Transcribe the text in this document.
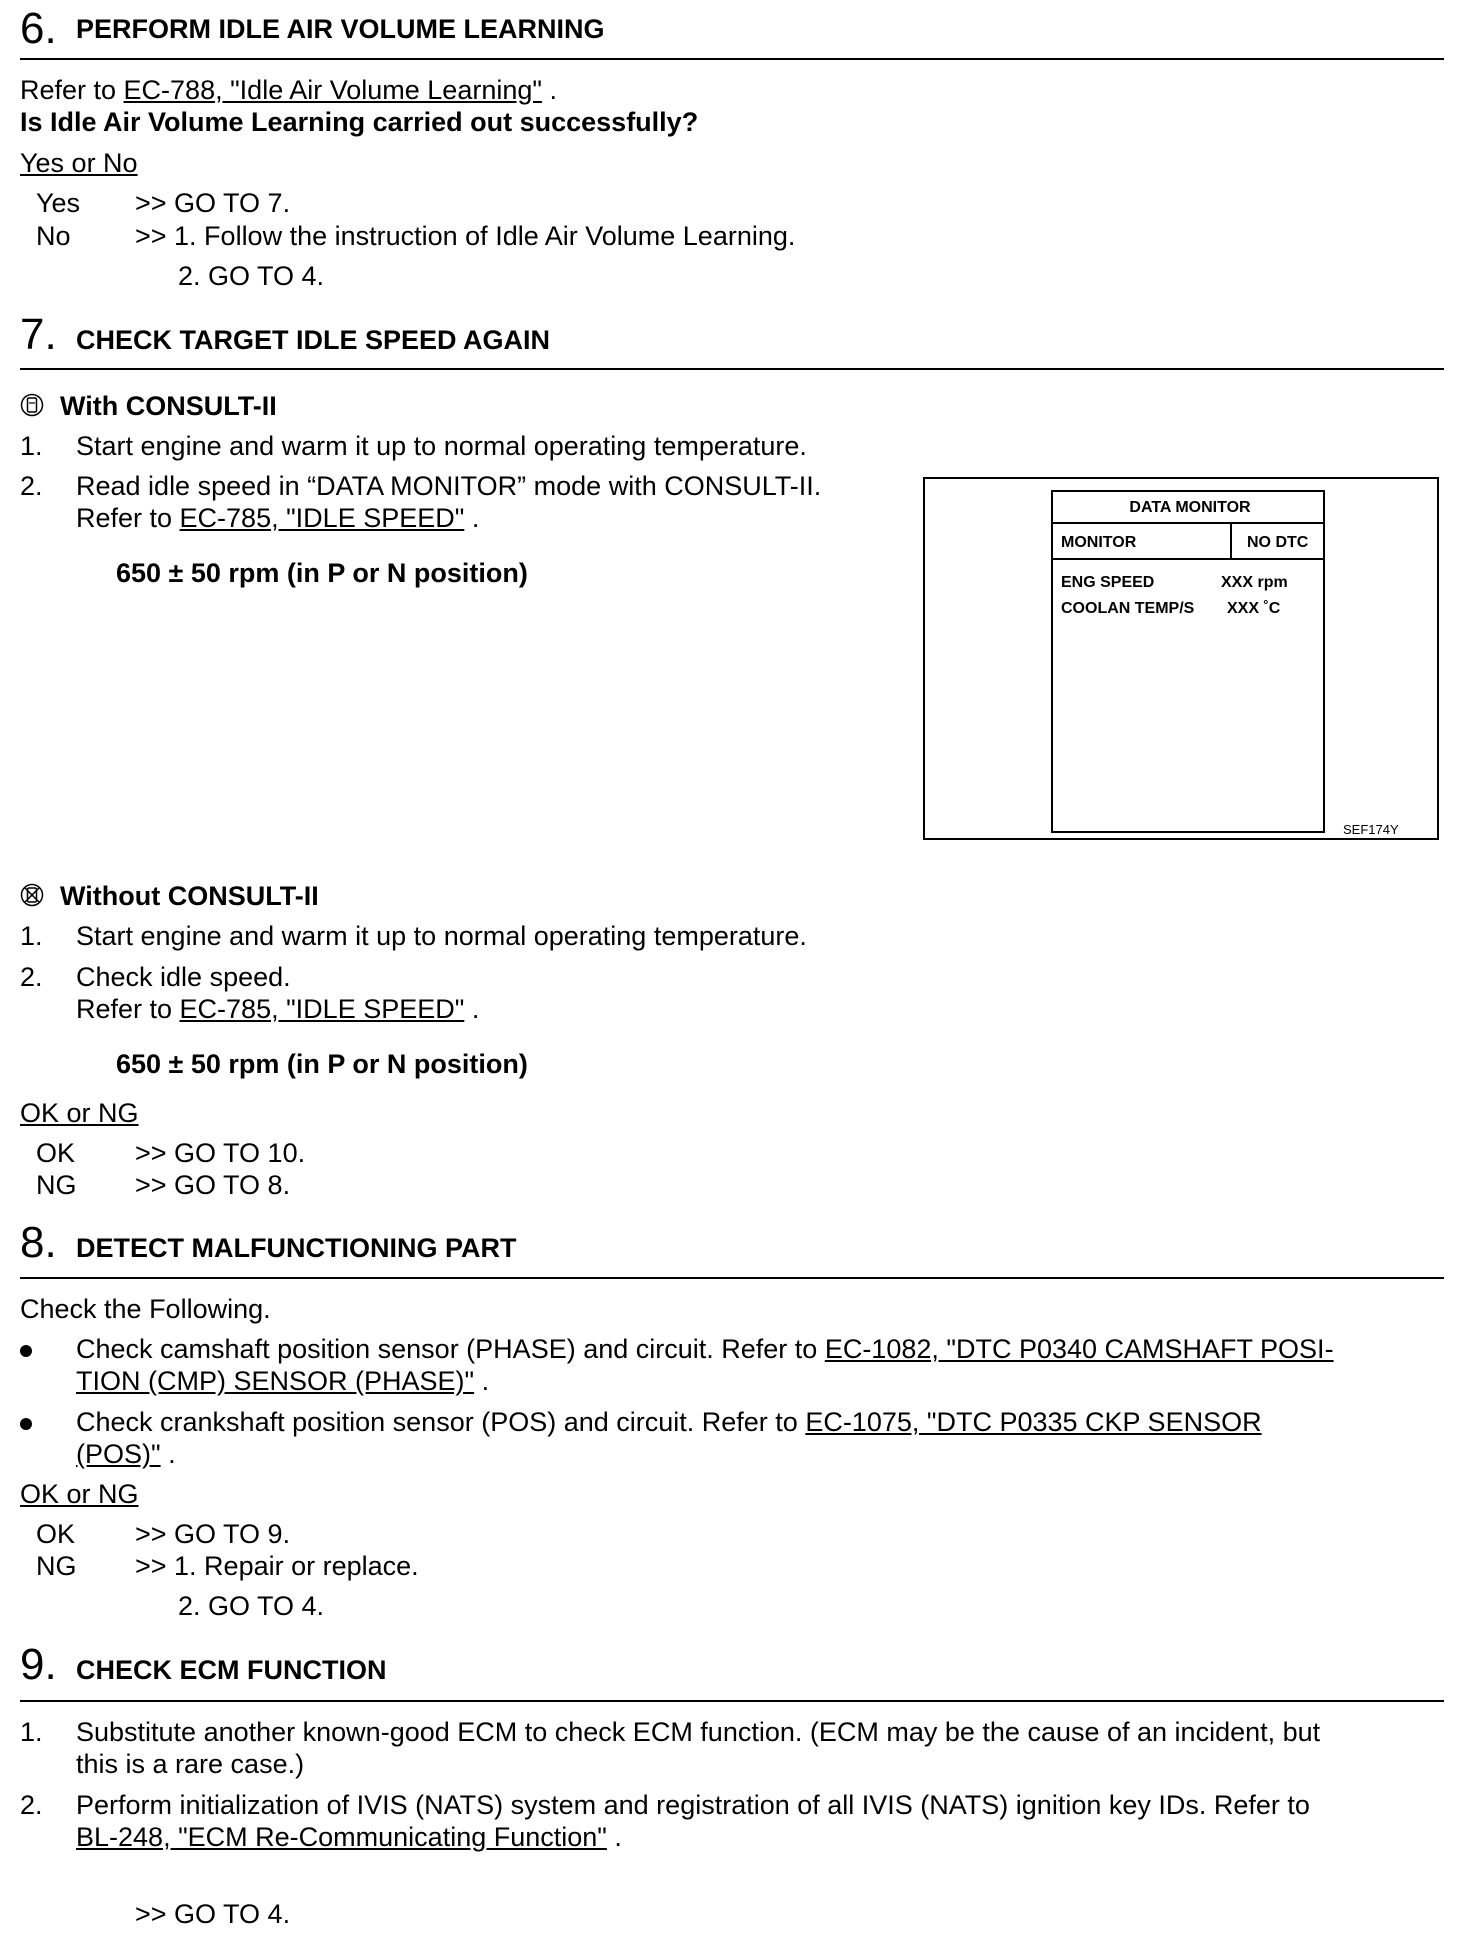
6. PERFORM IDLE AIR VOLUME LEARNING
Refer to EC-788, "Idle Air Volume Learning" .
Is Idle Air Volume Learning carried out successfully?
Yes or No
Yes >> GO TO 7.
No >> 1. Follow the instruction of Idle Air Volume Learning.
2. GO TO 4.
7. CHECK TARGET IDLE SPEED AGAIN
With CONSULT-II
1. Start engine and warm it up to normal operating temperature.
2. Read idle speed in “DATA MONITOR” mode with CONSULT-II.
Refer to EC-785, "IDLE SPEED" .
650 ± 50 rpm (in P or N position)
DATA MONITOR
MONITOR	NO DTC
ENG SPEED	XXX rpm
COOLAN TEMP/S XXX ˚C
SEF174Y
Without CONSULT-II
1. Start engine and warm it up to normal operating temperature.
2. Check idle speed.
Refer to EC-785, "IDLE SPEED" .
650 ± 50 rpm (in P or N position)
OK or NG
OK >> GO TO 10.
NG >> GO TO 8.
8. DETECT MALFUNCTIONING PART
Check the Following.
Check camshaft position sensor (PHASE) and circuit. Refer to EC-1082, "DTC P0340 CAMSHAFT POSI-
TION (CMP) SENSOR (PHASE)" .
Check crankshaft position sensor (POS) and circuit. Refer to EC-1075, "DTC P0335 CKP SENSOR
(POS)" .
OK or NG
OK >> GO TO 9.
NG >> 1. Repair or replace.
2. GO TO 4.
9. CHECK ECM FUNCTION
1. Substitute another known-good ECM to check ECM function. (ECM may be the cause of an incident, but
this is a rare case.)
2. Perform initialization of IVIS (NATS) system and registration of all IVIS (NATS) ignition key IDs. Refer to
BL-248, "ECM Re-Communicating Function" .
>> GO TO 4.
